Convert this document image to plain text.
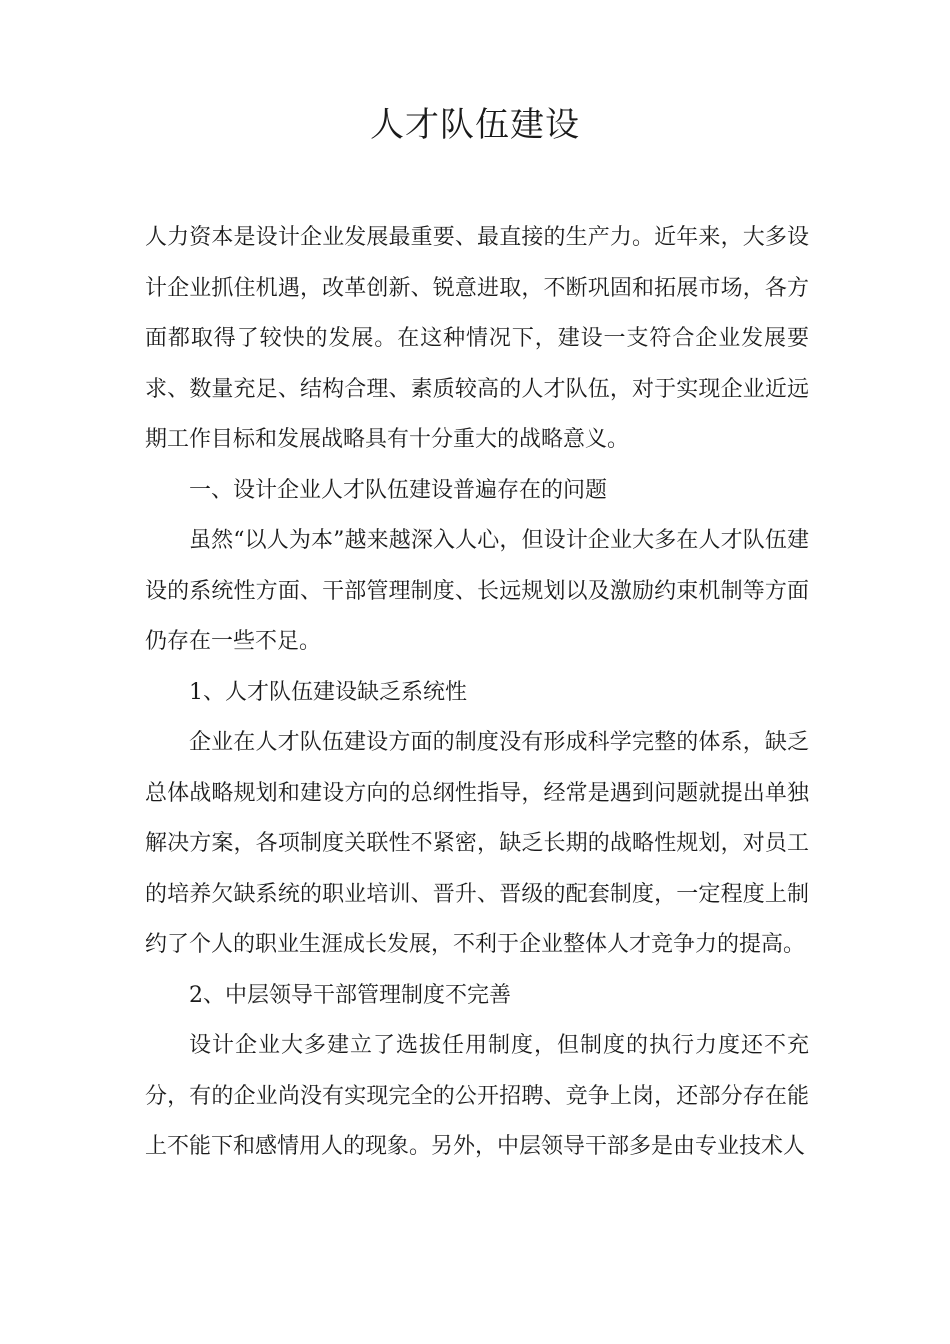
人才队伍建设

人力资本是设计企业发展最重要、最直接的生产力。近年来，大多设计企业抓住机遇，改革创新、锐意进取，不断巩固和拓展市场，各方面都取得了较快的发展。在这种情况下，建设一支符合企业发展要求、数量充足、结构合理、素质较高的人才队伍，对于实现企业近远期工作目标和发展战略具有十分重大的战略意义。

一、设计企业人才队伍建设普遍存在的问题

虽然“以人为本”越来越深入人心，但设计企业大多在人才队伍建设的系统性方面、干部管理制度、长远规划以及激励约束机制等方面仍存在一些不足。

1、人才队伍建设缺乏系统性

企业在人才队伍建设方面的制度没有形成科学完整的体系，缺乏总体战略规划和建设方向的总纲性指导，经常是遇到问题就提出单独解决方案，各项制度关联性不紧密，缺乏长期的战略性规划，对员工的培养欠缺系统的职业培训、晋升、晋级的配套制度，一定程度上制约了个人的职业生涯成长发展，不利于企业整体人才竞争力的提高。

2、中层领导干部管理制度不完善

设计企业大多建立了选拔任用制度，但制度的执行力度还不充分，有的企业尚没有实现完全的公开招聘、竞争上岗，还部分存在能上不能下和感情用人的现象。另外，中层领导干部多是由专业技术人
